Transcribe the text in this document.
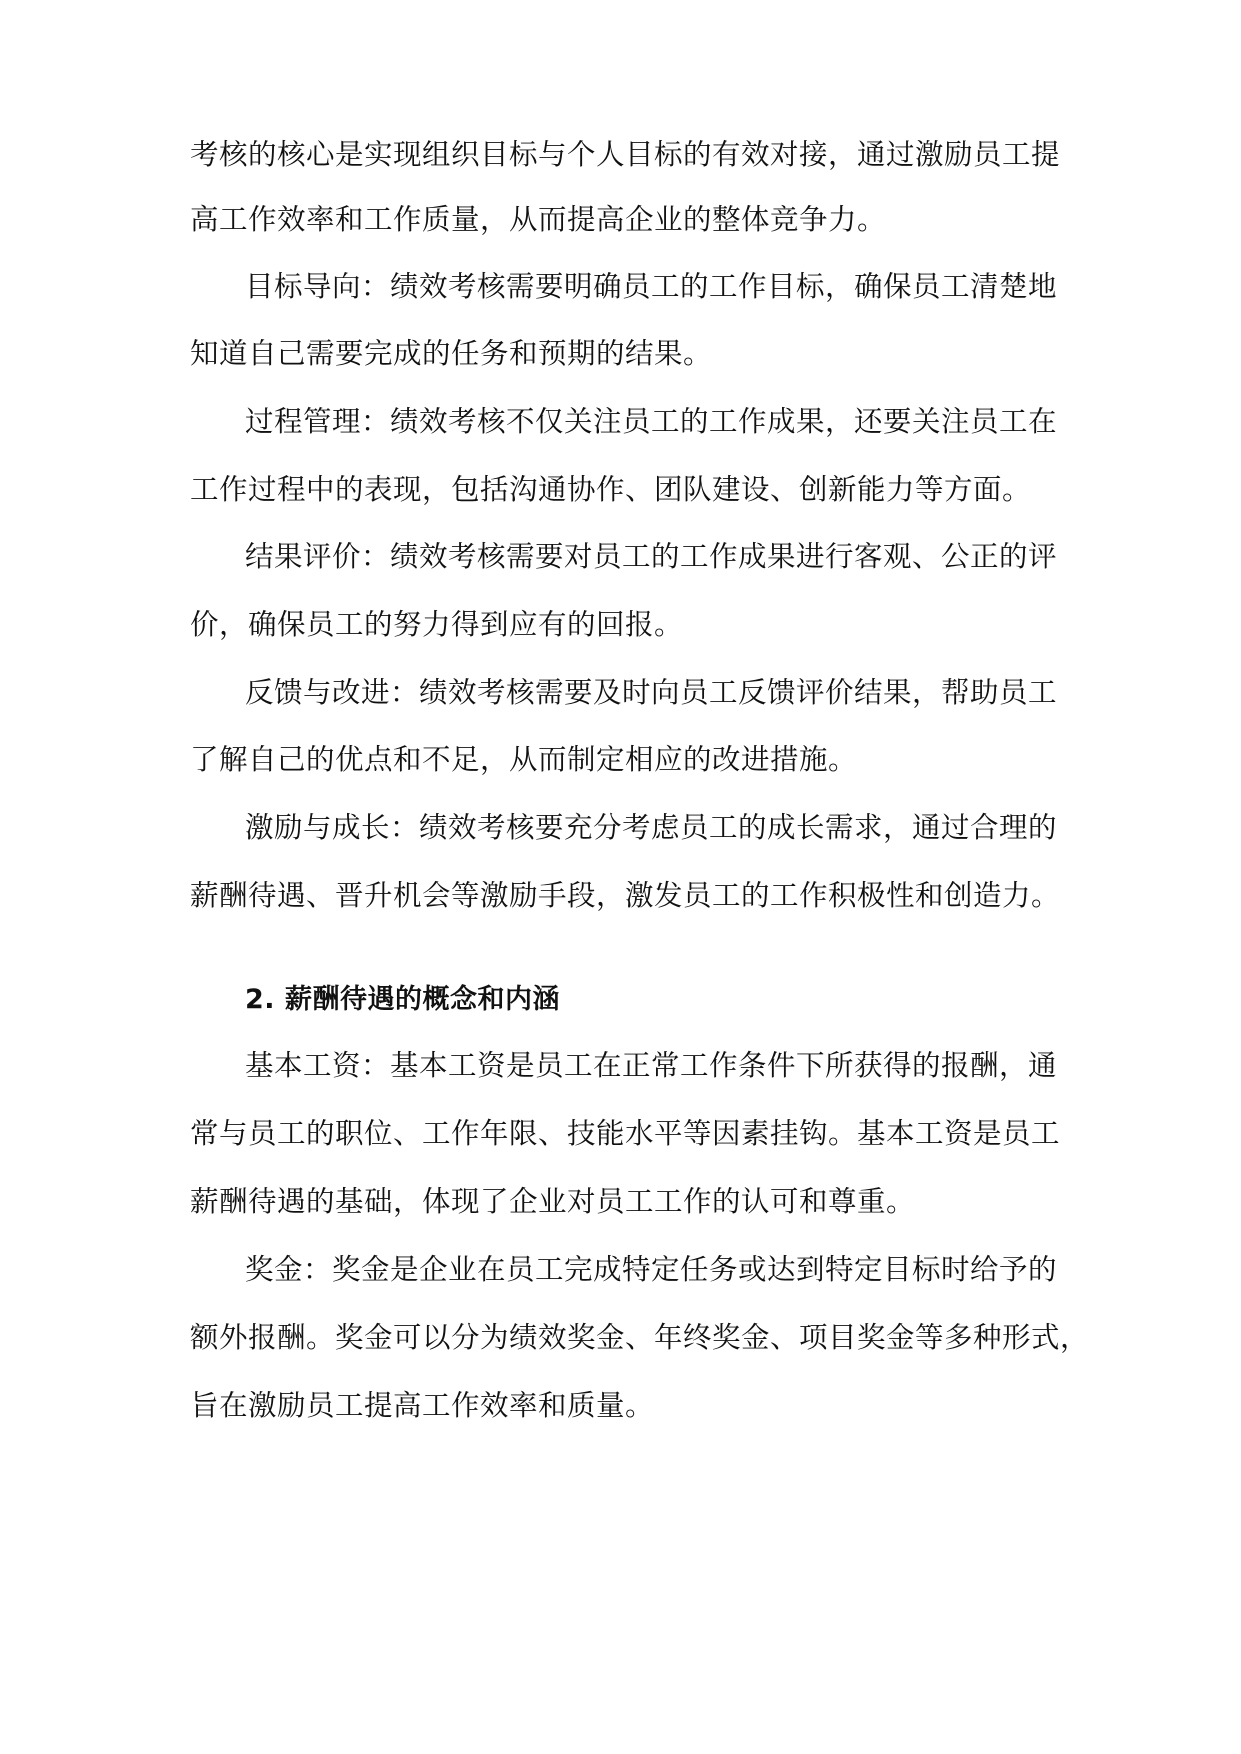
考核的核心是实现组织目标与个人目标的有效对接，通过激励员工提
高工作效率和工作质量，从而提高企业的整体竞争力。
目标导向：绩效考核需要明确员工的工作目标，确保员工清楚地
知道自己需要完成的任务和预期的结果。
过程管理：绩效考核不仅关注员工的工作成果，还要关注员工在
工作过程中的表现，包括沟通协作、团队建设、创新能力等方面。
结果评价：绩效考核需要对员工的工作成果进行客观、公正的评
价，确保员工的努力得到应有的回报。
反馈与改进：绩效考核需要及时向员工反馈评价结果，帮助员工
了解自己的优点和不足，从而制定相应的改进措施。
激励与成长：绩效考核要充分考虑员工的成长需求，通过合理的
薪酬待遇、晋升机会等激励手段，激发员工的工作积极性和创造力。
2. 薪酬待遇的概念和内涵
基本工资：基本工资是员工在正常工作条件下所获得的报酬，通
常与员工的职位、工作年限、技能水平等因素挂钩。基本工资是员工
薪酬待遇的基础，体现了企业对员工工作的认可和尊重。
奖金：奖金是企业在员工完成特定任务或达到特定目标时给予的
额外报酬。奖金可以分为绩效奖金、年终奖金、项目奖金等多种形式，
旨在激励员工提高工作效率和质量。
